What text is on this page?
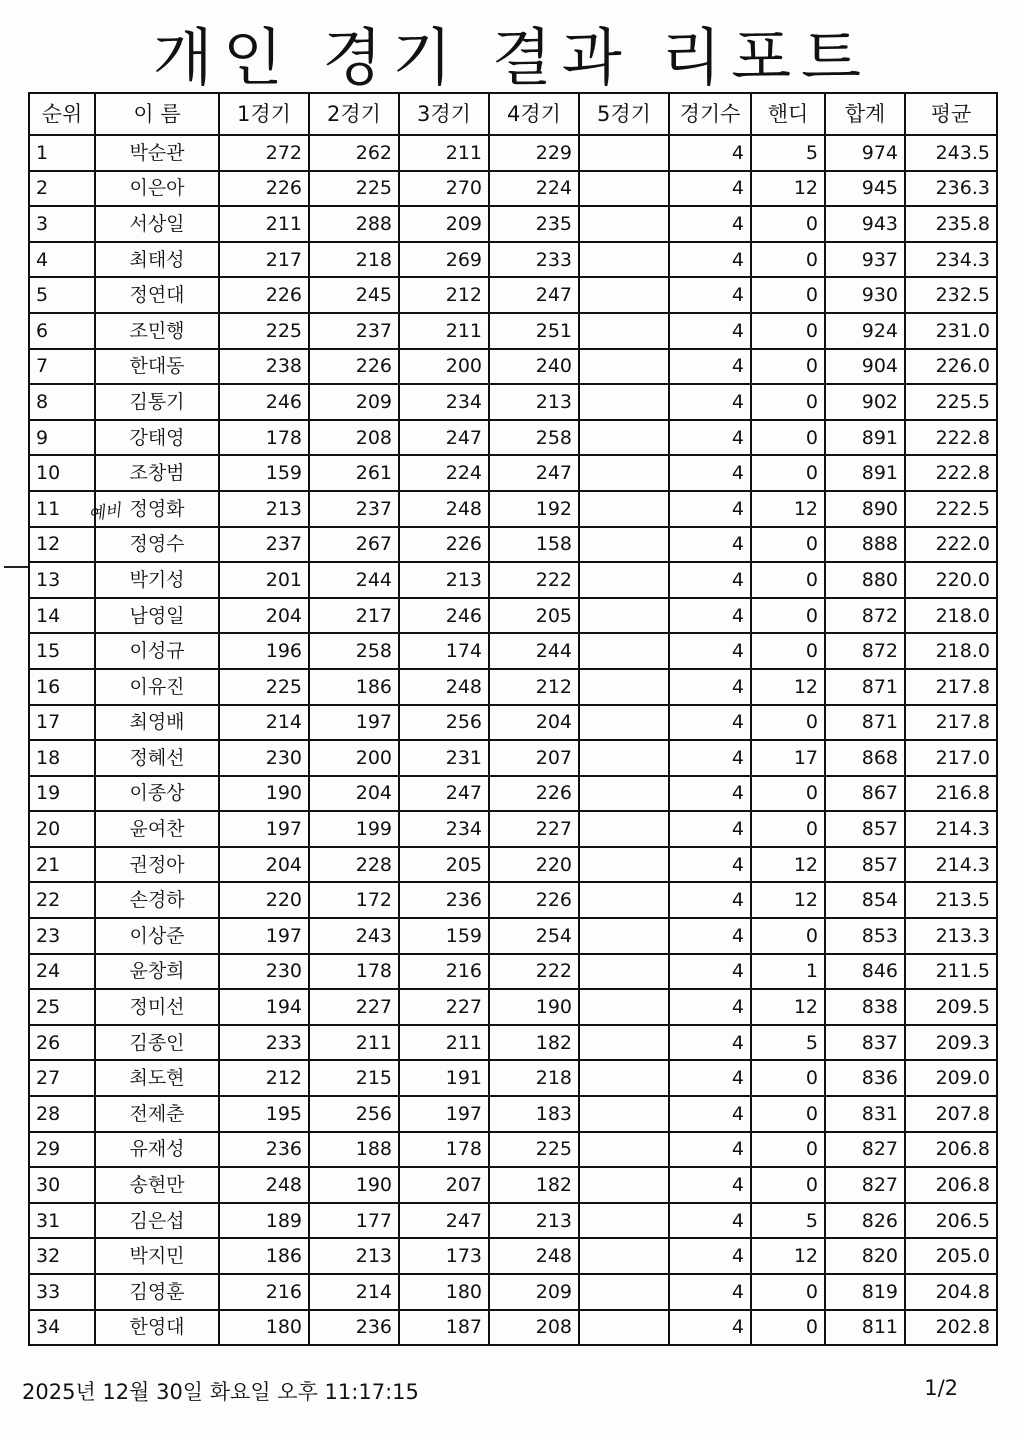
개인 경기 결과 리포트
순위	이 름	1경기	2경기	3경기	4경기	5경기	경기수	핸디	합계	평균
1	박순관	272	262	211	229		4	5	974	243.5
2	이은아	226	225	270	224		4	12	945	236.3
3	서상일	211	288	209	235		4	0	943	235.8
4	최태성	217	218	269	233		4	0	937	234.3
5	정연대	226	245	212	247		4	0	930	232.5
6	조민행	225	237	211	251		4	0	924	231.0
7	한대동	238	226	200	240		4	0	904	226.0
8	김통기	246	209	234	213		4	0	902	225.5
9	강태영	178	208	247	258		4	0	891	222.8
10	조창범	159	261	224	247		4	0	891	222.8
11	정영화	213	237	248	192		4	12	890	222.5
12	정영수	237	267	226	158		4	0	888	222.0
13	박기성	201	244	213	222		4	0	880	220.0
14	남영일	204	217	246	205		4	0	872	218.0
15	이성규	196	258	174	244		4	0	872	218.0
16	이유진	225	186	248	212		4	12	871	217.8
17	최영배	214	197	256	204		4	0	871	217.8
18	정혜선	230	200	231	207		4	17	868	217.0
19	이종상	190	204	247	226		4	0	867	216.8
20	윤여찬	197	199	234	227		4	0	857	214.3
21	권정아	204	228	205	220		4	12	857	214.3
22	손경하	220	172	236	226		4	12	854	213.5
23	이상준	197	243	159	254		4	0	853	213.3
24	윤창희	230	178	216	222		4	1	846	211.5
25	정미선	194	227	227	190		4	12	838	209.5
26	김종인	233	211	211	182		4	5	837	209.3
27	최도현	212	215	191	218		4	0	836	209.0
28	전제춘	195	256	197	183		4	0	831	207.8
29	유재성	236	188	178	225		4	0	827	206.8
30	송현만	248	190	207	182		4	0	827	206.8
31	김은섭	189	177	247	213		4	5	826	206.5
32	박지민	186	213	173	248		4	12	820	205.0
33	김영훈	216	214	180	209		4	0	819	204.8
34	한영대	180	236	187	208		4	0	811	202.8
예비
2025년 12월 30일 화요일 오후 11:17:15	1/2
